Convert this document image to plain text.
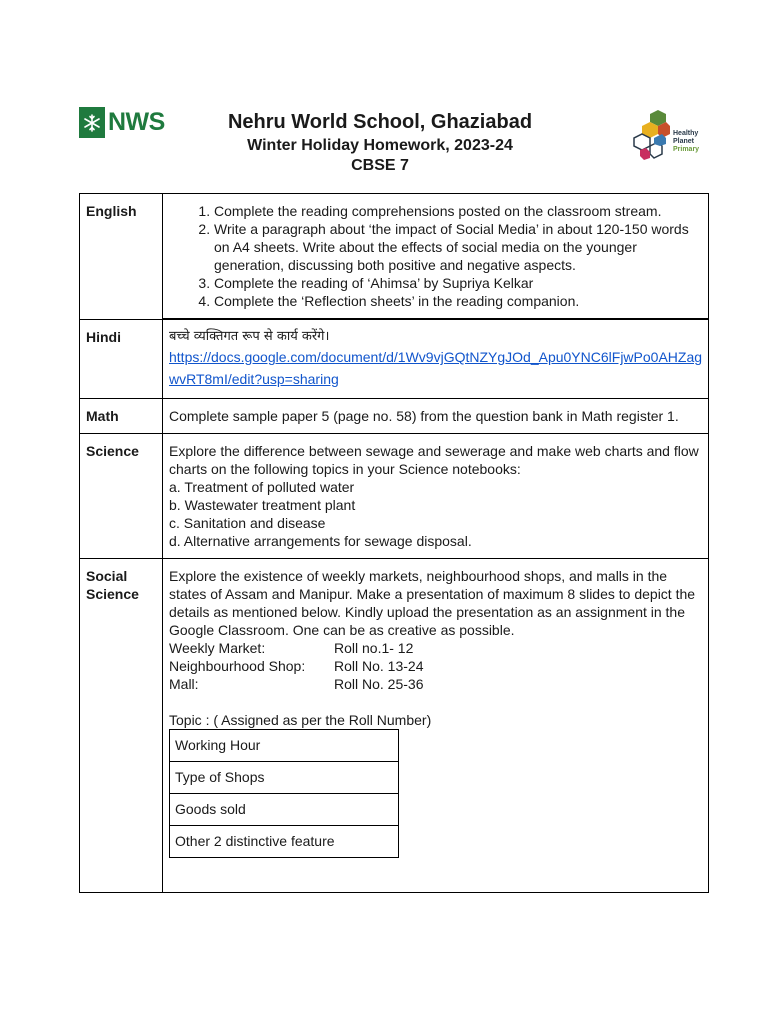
NWS	Nehru World School, Ghaziabad
Winter Holiday Homework, 2023-24
CBSE 7
Healthy
Planet
Primary
English	
1.Complete the reading comprehensions posted on the classroom stream.
2. Write a paragraph about ‘the impact of Social Media’ in about 120-150 words on A4 sheets. Write about the effects of social media on the younger generation, discussing both positive and negative aspects.
3. Complete the reading of ‘Ahimsa’ by Supriya Kelkar
4. Complete the ‘Reflection sheets’ in the reading companion.

Hindi	बच्चे व्यक्तिगत रूप से कार्य करेंगे।
https://docs.google.com/document/d/1Wv9vjGQtNZYgJOd_Apu0YNC6lFjwPo0AHZagwvRT8mI/edit?usp=sharing

Math	Complete sample paper 5 (page no. 58) from the question bank in Math register 1.
Science	Explore the difference between sewage and sewerage and make web charts and flow charts on the following topics in your Science notebooks:
a. Treatment of polluted water
b. Wastewater treatment plant
c. Sanitation and disease
d. Alternative arrangements for sewage disposal.

Social
Science

Explore the existence of weekly markets, neighbourhood shops, and malls in the states of Assam and Manipur. Make a presentation of maximum 8 slides to depict the details as mentioned below. Kindly upload the presentation as an assignment in the Google Classroom. One can be as creative as possible.
Weekly Market:	Roll no.1- 12
Neighbourhood Shop:	Roll No. 13-24
Mall:	Roll No. 25-36
Topic : ( Assigned as per the Roll Number)
Working Hour
Type of Shops
Goods sold
Other 2 distinctive feature
